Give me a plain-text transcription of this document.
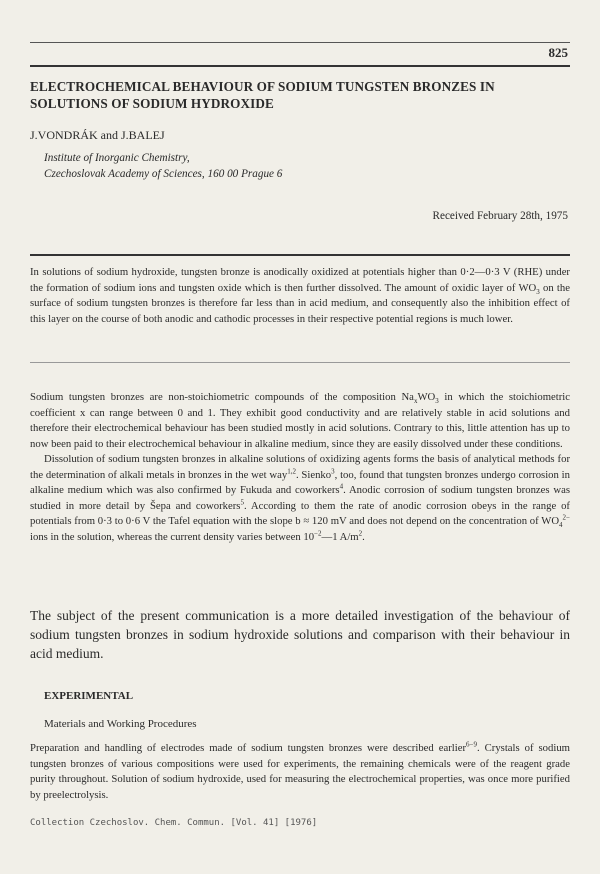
825
ELECTROCHEMICAL BEHAVIOUR OF SODIUM TUNGSTEN BRONZES IN SOLUTIONS OF SODIUM HYDROXIDE
J.VONDRÁK and J.BALEJ
Institute of Inorganic Chemistry,
Czechoslovak Academy of Sciences, 160 00 Prague 6
Received February 28th, 1975
In solutions of sodium hydroxide, tungsten bronze is anodically oxidized at potentials higher than 0·2—0·3 V (RHE) under the formation of sodium ions and tungsten oxide which is then further dissolved. The amount of oxidic layer of $WO_3$ on the surface of sodium tungsten bronzes is therefore far less than in acid medium, and consequently also the inhibition effect of this layer on the course of both anodic and cathodic processes in their respective potential regions is much lower.

Sodium tungsten bronzes are non-stoichiometric compounds of the composition $Na_xWO_3$ in which the stoichiometric coefficient x can range between 0 and 1. They exhibit good conductivity and are relatively stable in acid solutions and therefore their electrochemical behaviour has been studied mostly in acid solutions. Contrary to this, little attention has up to now been paid to their electrochemical behaviour in alkaline medium, since they are easily dissolved under these conditions.

Dissolution of sodium tungsten bronzes in alkaline solutions of oxidizing agents forms the basis of analytical methods for the determination of alkali metals in bronzes in the wet way$^{1,2}$. Sienko$^3$, too, found that tungsten bronzes undergo corrosion in alkaline medium which was also confirmed by Fukuda and coworkers$^4$. Anodic corrosion of sodium tungsten bronzes was studied in more detail by Šepa and coworkers$^5$. According to them the rate of anodic corrosion obeys in the range of potentials from 0·3 to 0·6 V the Tafel equation with the slope b ≈ 120 mV and does not depend on the concentration of $WO_4^{2-}$ ions in the solution, whereas the current density varies between $10^{-2}—1$ $A/m^2$.

The subject of the present communication is a more detailed investigation of the behaviour of sodium tungsten bronzes in sodium hydroxide solutions and comparison with their behaviour in acid medium.
EXPERIMENTAL
Materials and Working Procedures
Preparation and handling of electrodes made of sodium tungsten bronzes were described earlier$^{6-9}$. Crystals of sodium tungsten bronzes of various compositions were used for experiments, the remaining chemicals were of the reagent grade purity throughout. Solution of sodium hydroxide, used for measuring the electrochemical properties, was once more purified by preelectrolysis.
Collection Czechoslov. Chem. Commun. [Vol. 41] [1976]
